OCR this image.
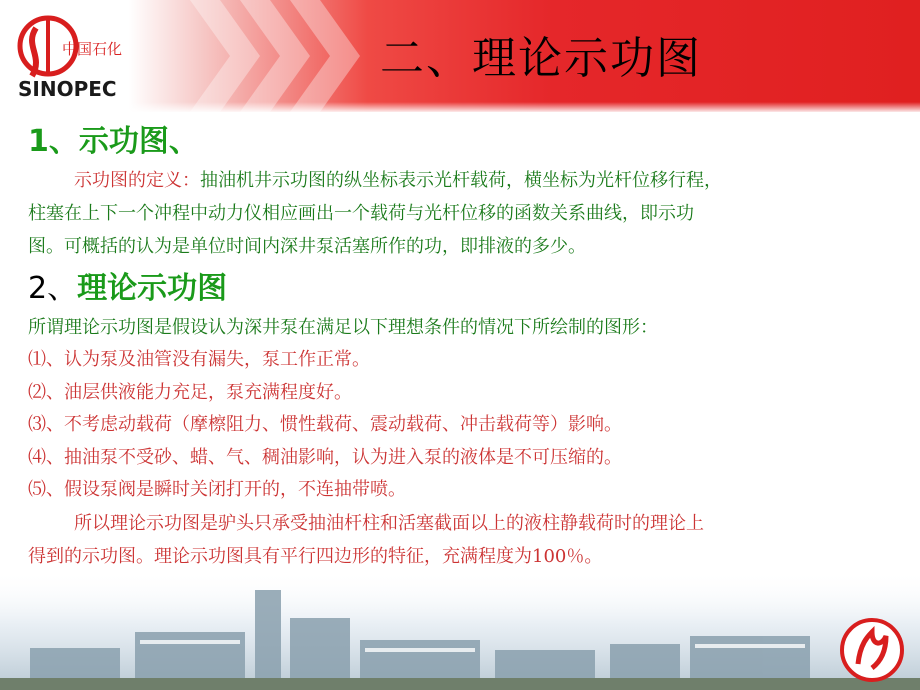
中国石化
SINOPEC
二、理论示功图
1、示功图、

示功图的定义：抽油机井示功图的纵坐标表示光杆载荷，横坐标为光杆位移行程，

柱塞在上下一个冲程中动力仪相应画出一个载荷与光杆位移的函数关系曲线，即示功

图。可概括的认为是单位时间内深井泵活塞所作的功，即排液的多少。

2、理论示功图

所谓理论示功图是假设认为深井泵在满足以下理想条件的情况下所绘制的图形：

⑴、认为泵及油管没有漏失，泵工作正常。
⑵、油层供液能力充足，泵充满程度好。
⑶、不考虑动载荷（摩檫阻力、惯性载荷、震动载荷、冲击载荷等）影响。
⑷、抽油泵不受砂、蜡、气、稠油影响，认为进入泵的液体是不可压缩的。
⑸、假设泵阀是瞬时关闭打开的，不连抽带喷。

所以理论示功图是驴头只承受抽油杆柱和活塞截面以上的液柱静载荷时的理论上

得到的示功图。理论示功图具有平行四边形的特征，充满程度为100％。
